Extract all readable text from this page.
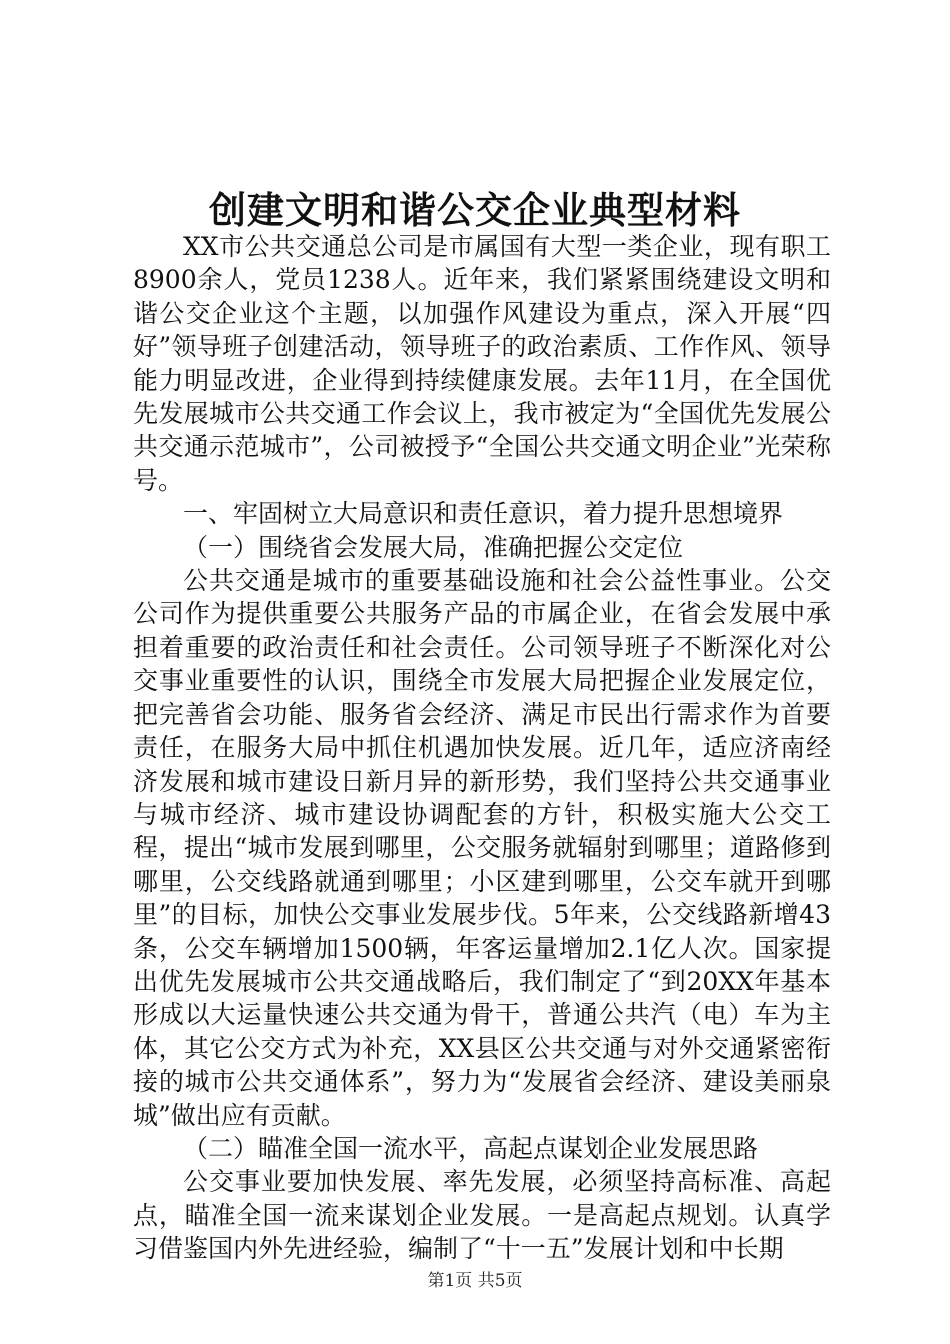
创建文明和谐公交企业典型材料

XX市公共交通总公司是市属国有大型一类企业，现有职工8900余人，党员1238人。近年来，我们紧紧围绕建设文明和谐公交企业这个主题，以加强作风建设为重点，深入开展“四好”领导班子创建活动，领导班子的政治素质、工作作风、领导能力明显改进，企业得到持续健康发展。去年11月，在全国优先发展城市公共交通工作会议上，我市被定为“全国优先发展公共交通示范城市”，公司被授予“全国公共交通文明企业”光荣称号。

一、牢固树立大局意识和责任意识，着力提升思想境界

（一）围绕省会发展大局，准确把握公交定位

公共交通是城市的重要基础设施和社会公益性事业。公交公司作为提供重要公共服务产品的市属企业，在省会发展中承担着重要的政治责任和社会责任。公司领导班子不断深化对公交事业重要性的认识，围绕全市发展大局把握企业发展定位，把完善省会功能、服务省会经济、满足市民出行需求作为首要责任，在服务大局中抓住机遇加快发展。近几年，适应济南经济发展和城市建设日新月异的新形势，我们坚持公共交通事业与城市经济、城市建设协调配套的方针，积极实施大公交工程，提出“城市发展到哪里，公交服务就辐射到哪里；道路修到哪里，公交线路就通到哪里；小区建到哪里，公交车就开到哪里”的目标，加快公交事业发展步伐。5年来，公交线路新增43条，公交车辆增加1500辆，年客运量增加2.1亿人次。国家提出优先发展城市公共交通战略后，我们制定了“到20XX年基本形成以大运量快速公共交通为骨干，普通公共汽（电）车为主体，其它公交方式为补充，XX县区公共交通与对外交通紧密衔接的城市公共交通体系”，努力为“发展省会经济、建设美丽泉城”做出应有贡献。

（二）瞄准全国一流水平，高起点谋划企业发展思路

公交事业要加快发展、率先发展，必须坚持高标准、高起点，瞄准全国一流来谋划企业发展。一是高起点规划。认真学习借鉴国内外先进经验，编制了“十一五”发展计划和中长期

第1页 共5页
